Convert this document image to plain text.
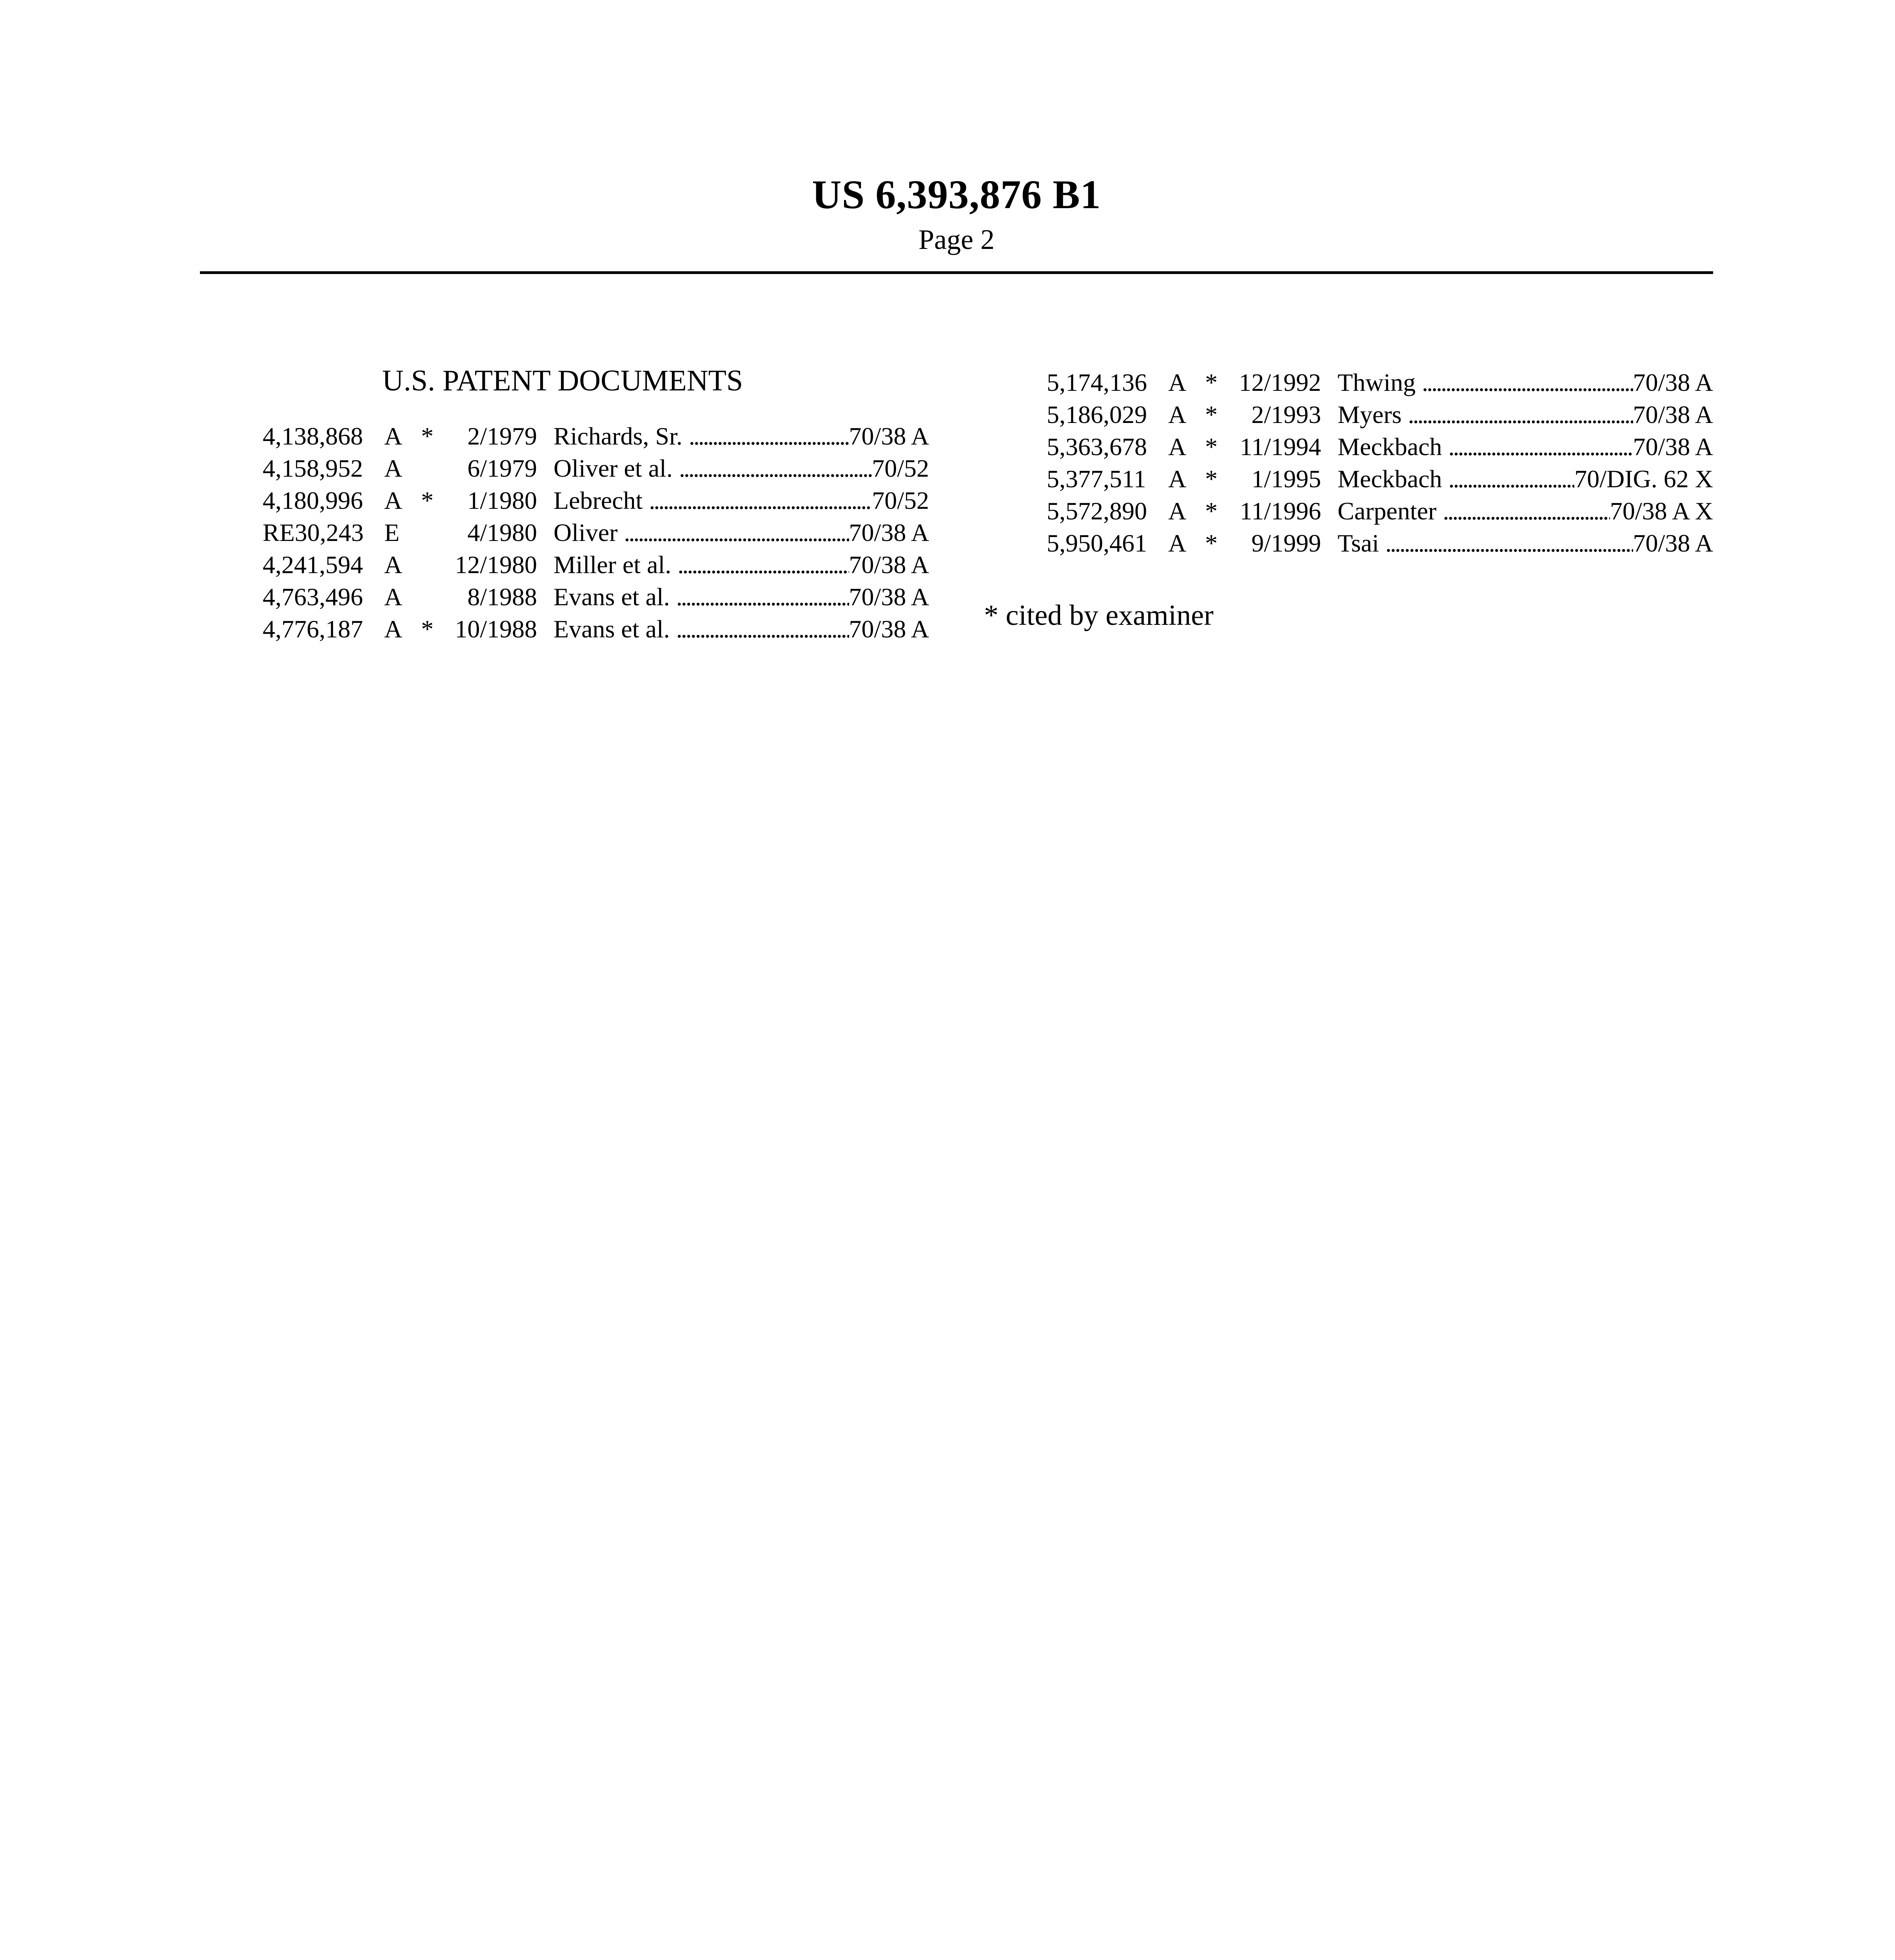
US 6,393,876 B1
Page 2
U.S. PATENT DOCUMENTS
4,138,868 A *	2/1979 Richards, Sr. . . .	70/38 A
4,158,952 A	6/1979 Oliver et al. . . .	70/52
4,180,996 A *	1/1980 Lebrecht . . .	70/52
RE30,243 E	4/1980 Oliver . . .	70/38 A
4,241,594 A	12/1980 Miller et al. . . .	70/38 A
4,763,496 A	8/1988 Evans et al. . . .	70/38 A
4,776,187 A * 10/1988 Evans et al. . . .	70/38 A
5,174,136 A * 12/1992 Thwing . . .	70/38 A
5,186,029 A *	2/1993 Myers . . .	70/38 A
5,363,678 A * 11/1994 Meckbach . . .	70/38 A
5,377,511 A *	1/1995 Meckbach . . .	70/DIG. 62 X
5,572,890 A * 11/1996 Carpenter . . .	70/38 A X
5,950,461 A *	9/1999 Tsai . . .	70/38 A
* cited by examiner
